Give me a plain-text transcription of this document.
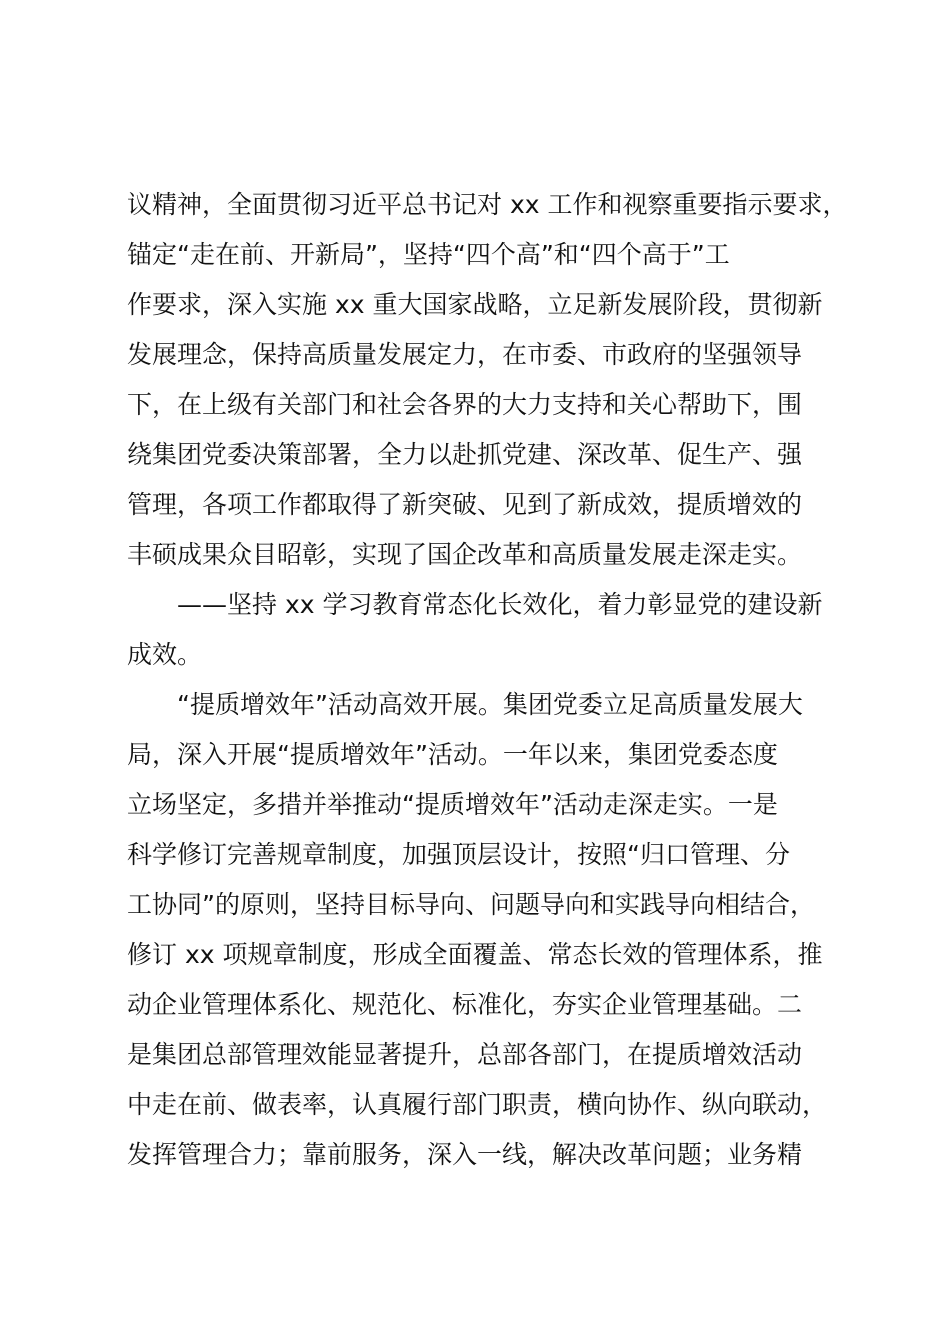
议精神，全面贯彻习近平总书记对 xx 工作和视察重要指示要求，
锚定“走在前、开新局”，坚持“四个高”和“四个高于”工
作要求，深入实施 xx 重大国家战略，立足新发展阶段，贯彻新
发展理念，保持高质量发展定力，在市委、市政府的坚强领导
下，在上级有关部门和社会各界的大力支持和关心帮助下，围
绕集团党委决策部署，全力以赴抓党建、深改革、促生产、强
管理，各项工作都取得了新突破、见到了新成效，提质增效的
丰硕成果众目昭彰，实现了国企改革和高质量发展走深走实。
——坚持 xx 学习教育常态化长效化，着力彰显党的建设新
成效。
“提质增效年”活动高效开展。集团党委立足高质量发展大
局，深入开展“提质增效年”活动。一年以来，集团党委态度
立场坚定，多措并举推动“提质增效年”活动走深走实。一是
科学修订完善规章制度，加强顶层设计，按照“归口管理、分
工协同”的原则，坚持目标导向、问题导向和实践导向相结合，
修订 xx 项规章制度，形成全面覆盖、常态长效的管理体系，推
动企业管理体系化、规范化、标准化，夯实企业管理基础。二
是集团总部管理效能显著提升，总部各部门，在提质增效活动
中走在前、做表率，认真履行部门职责，横向协作、纵向联动，
发挥管理合力；靠前服务，深入一线，解决改革问题；业务精
